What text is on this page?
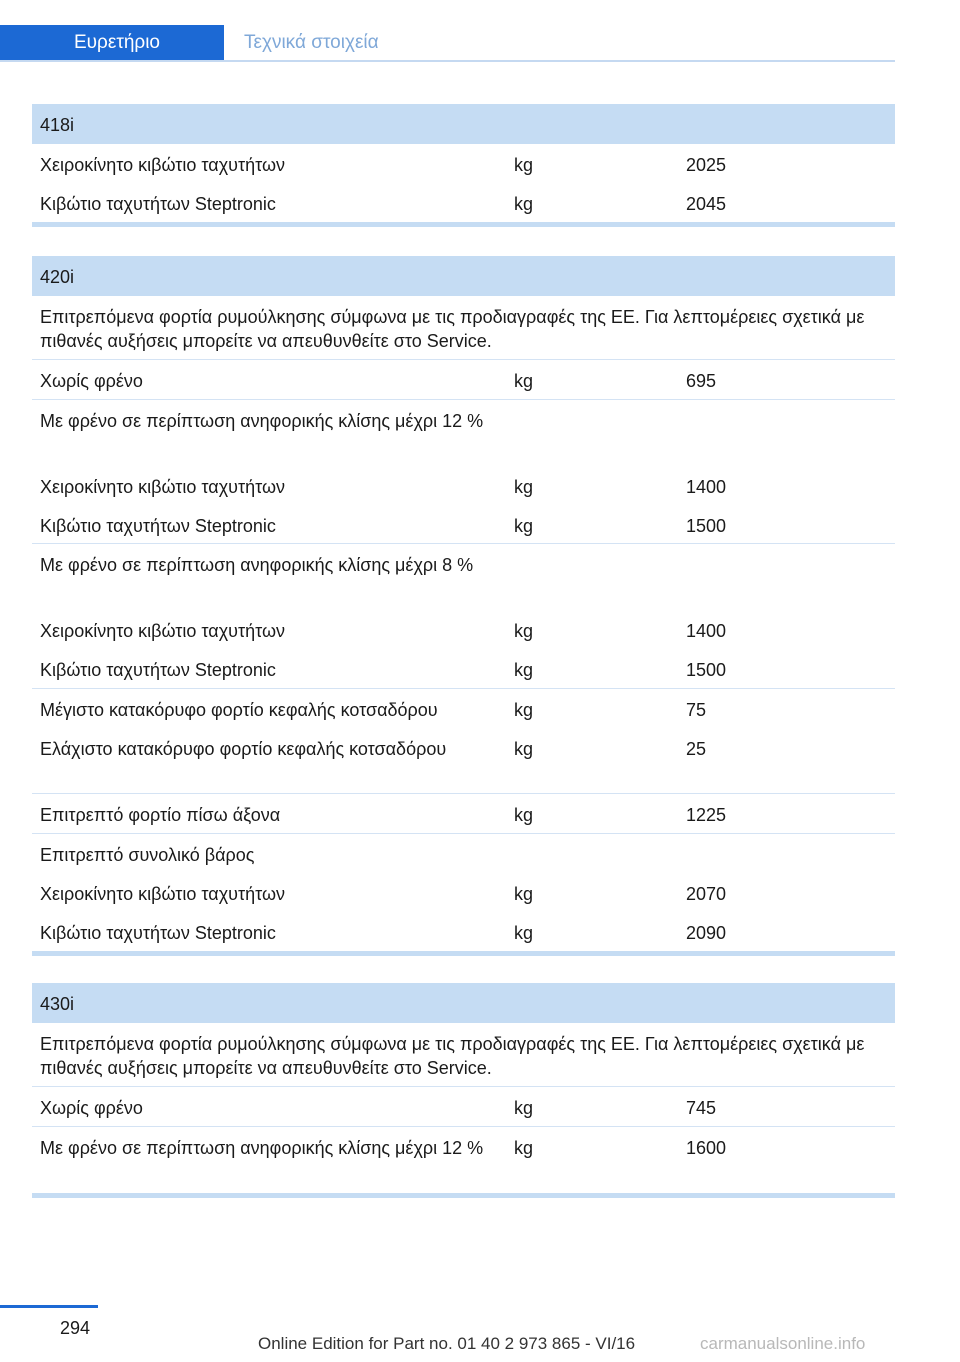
Ευρετήριο	Τεχνικά στοιχεία
418i
Χειροκίνητο κιβώτιο ταχυτήτων	kg	2025
Κιβώτιο ταχυτήτων Steptronic	kg	2045
420i
Επιτρεπόμενα φορτία ρυμούλκησης σύμφωνα με τις προδιαγραφές της ΕΕ. Για λεπτομέρειες σχετικά με πιθανές αυξήσεις μπορείτε να απευθυνθείτε στο Service.
Χωρίς φρένο	kg	695
Με φρένο σε περίπτωση ανηφορικής κλίσης μέχρι 12 %
Χειροκίνητο κιβώτιο ταχυτήτων	kg	1400
Κιβώτιο ταχυτήτων Steptronic	kg	1500
Με φρένο σε περίπτωση ανηφορικής κλίσης μέχρι 8 %
Χειροκίνητο κιβώτιο ταχυτήτων	kg	1400
Κιβώτιο ταχυτήτων Steptronic	kg	1500
Μέγιστο κατακόρυφο φορτίο κεφαλής κοτσαδόρου	kg	75
Ελάχιστο κατακόρυφο φορτίο κεφαλής κοτσαδόρου	kg	25
Επιτρεπτό φορτίο πίσω άξονα	kg	1225
Επιτρεπτό συνολικό βάρος
Χειροκίνητο κιβώτιο ταχυτήτων	kg	2070
Κιβώτιο ταχυτήτων Steptronic	kg	2090
430i
Επιτρεπόμενα φορτία ρυμούλκησης σύμφωνα με τις προδιαγραφές της ΕΕ. Για λεπτομέρειες σχετικά με πιθανές αυξήσεις μπορείτε να απευθυνθείτε στο Service.
Χωρίς φρένο	kg	745
Με φρένο σε περίπτωση ανηφορικής κλίσης μέχρι 12 %	kg	1600
294
Online Edition for Part no. 01 40 2 973 865 - VI/16	carmanualsonline.info
